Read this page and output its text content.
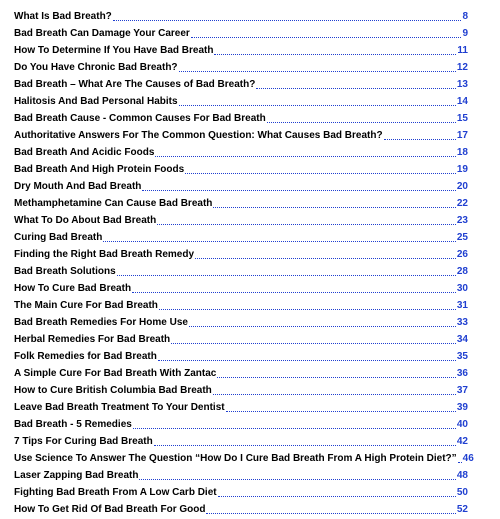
What Is Bad Breath?	8
Bad Breath Can Damage Your Career	9
How To Determine If You Have Bad Breath	11
Do You Have Chronic Bad Breath?	12
Bad Breath – What Are The Causes of Bad Breath?	13
Halitosis And Bad Personal Habits	14
Bad Breath Cause - Common Causes For Bad Breath	15
Authoritative Answers For The Common Question: What Causes Bad Breath?	17
Bad Breath And Acidic Foods	18
Bad Breath And High Protein Foods	19
Dry Mouth And Bad Breath	20
Methamphetamine Can Cause Bad Breath	22
What To Do About Bad Breath	23
Curing Bad Breath	25
Finding the Right Bad Breath Remedy	26
Bad Breath Solutions	28
How To Cure Bad Breath	30
The Main Cure For Bad Breath	31
Bad Breath Remedies For Home Use	33
Herbal Remedies For Bad Breath	34
Folk Remedies for Bad Breath	35
A Simple Cure For Bad Breath With Zantac	36
How to Cure British Columbia Bad Breath	37
Leave Bad Breath Treatment To Your Dentist	39
Bad Breath - 5 Remedies	40
7 Tips For Curing Bad Breath	42
Use Science To Answer The Question “How Do I Cure Bad Breath From A High Protein Diet?” 46
Laser Zapping Bad Breath	48
Fighting Bad Breath From A Low Carb Diet	50
How To Get Rid Of Bad Breath For Good	52
